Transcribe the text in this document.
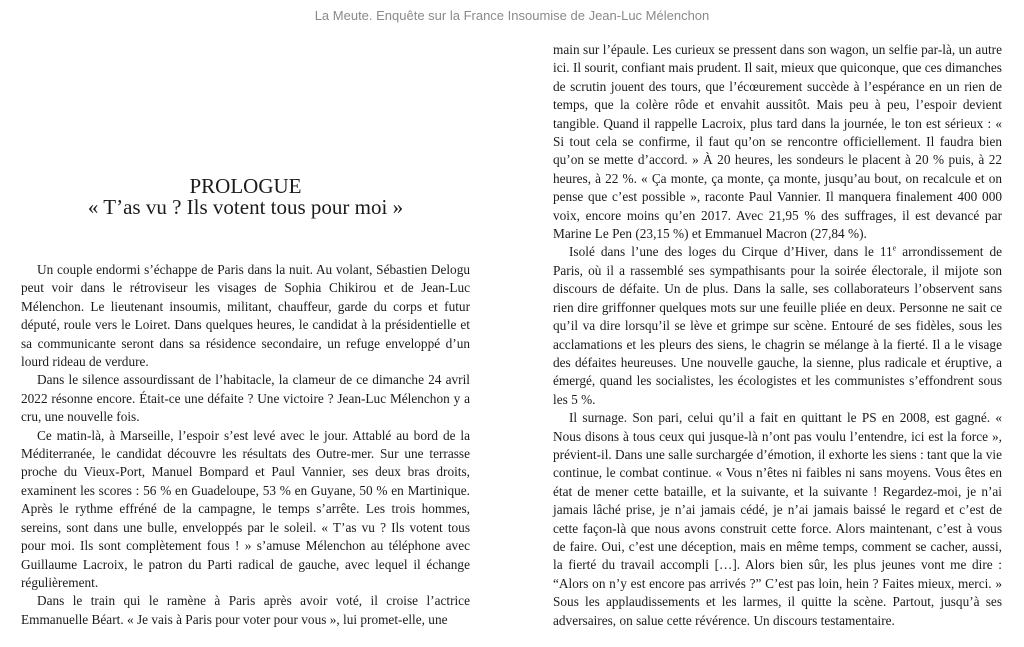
La Meute. Enquête sur la France Insoumise de Jean-Luc Mélenchon
PROLOGUE
« T’as vu ? Ils votent tous pour moi »

Un couple endormi s’échappe de Paris dans la nuit. Au volant, Sébastien Delogu peut voir dans le rétroviseur les visages de Sophia Chikirou et de Jean-Luc Mélenchon. Le lieutenant insoumis, militant, chauffeur, garde du corps et futur député, roule vers le Loiret. Dans quelques heures, le candidat à la présidentielle et sa communicante seront dans sa résidence secondaire, un refuge enveloppé d’un lourd rideau de verdure.

Dans le silence assourdissant de l’habitacle, la clameur de ce dimanche 24 avril 2022 résonne encore. Était-ce une défaite ? Une victoire ? Jean-Luc Mélenchon y a cru, une nouvelle fois.

Ce matin-là, à Marseille, l’espoir s’est levé avec le jour. Attablé au bord de la Méditerranée, le candidat découvre les résultats des Outre-mer. Sur une terrasse proche du Vieux-Port, Manuel Bompard et Paul Vannier, ses deux bras droits, examinent les scores : 56 % en Guadeloupe, 53 % en Guyane, 50 % en Martinique. Après le rythme effréné de la campagne, le temps s’arrête. Les trois hommes, sereins, sont dans une bulle, enveloppés par le soleil. « T’as vu ? Ils votent tous pour moi. Ils sont complètement fous ! » s’amuse Mélenchon au téléphone avec Guillaume Lacroix, le patron du Parti radical de gauche, avec lequel il échange régulièrement.

Dans le train qui le ramène à Paris après avoir voté, il croise l’actrice Emmanuelle Béart. « Je vais à Paris pour voter pour vous », lui promet-elle, une

main sur l’épaule. Les curieux se pressent dans son wagon, un selfie par-là, un autre ici. Il sourit, confiant mais prudent. Il sait, mieux que quiconque, que ces dimanches de scrutin jouent des tours, que l’écœurement succède à l’espérance en un rien de temps, que la colère rôde et envahit aussitôt. Mais peu à peu, l’espoir devient tangible. Quand il rappelle Lacroix, plus tard dans la journée, le ton est sérieux : « Si tout cela se confirme, il faut qu’on se rencontre officiellement. Il faudra bien qu’on se mette d’accord. » À 20 heures, les sondeurs le placent à 20 % puis, à 22 heures, à 22 %. « Ça monte, ça monte, ça monte, jusqu’au bout, on recalcule et on pense que c’est possible », raconte Paul Vannier. Il manquera finalement 400 000 voix, encore moins qu’en 2017. Avec 21,95 % des suffrages, il est devancé par Marine Le Pen (23,15 %) et Emmanuel Macron (27,84 %).

Isolé dans l’une des loges du Cirque d’Hiver, dans le 11e arrondissement de Paris, où il a rassemblé ses sympathisants pour la soirée électorale, il mijote son discours de défaite. Un de plus. Dans la salle, ses collaborateurs l’observent sans rien dire griffonner quelques mots sur une feuille pliée en deux. Personne ne sait ce qu’il va dire lorsqu’il se lève et grimpe sur scène. Entouré de ses fidèles, sous les acclamations et les pleurs des siens, le chagrin se mélange à la fierté. Il a le visage des défaites heureuses. Une nouvelle gauche, la sienne, plus radicale et éruptive, a émergé, quand les socialistes, les écologistes et les communistes s’effondrent sous les 5 %.

Il surnage. Son pari, celui qu’il a fait en quittant le PS en 2008, est gagné. « Nous disons à tous ceux qui jusque-là n’ont pas voulu l’entendre, ici est la force », prévient-il. Dans une salle surchargée d’émotion, il exhorte les siens : tant que la vie continue, le combat continue. « Vous n’êtes ni faibles ni sans moyens. Vous êtes en état de mener cette bataille, et la suivante, et la suivante ! Regardez-moi, je n’ai jamais lâché prise, je n’ai jamais cédé, je n’ai jamais baissé le regard et c’est de cette façon-là que nous avons construit cette force. Alors maintenant, c’est à vous de faire. Oui, c’est une déception, mais en même temps, comment se cacher, aussi, la fierté du travail accompli […]. Alors bien sûr, les plus jeunes vont me dire : “Alors on n’y est encore pas arrivés ?” C’est pas loin, hein ? Faites mieux, merci. » Sous les applaudissements et les larmes, il quitte la scène. Partout, jusqu’à ses adversaires, on salue cette révérence. Un discours testamentaire.
